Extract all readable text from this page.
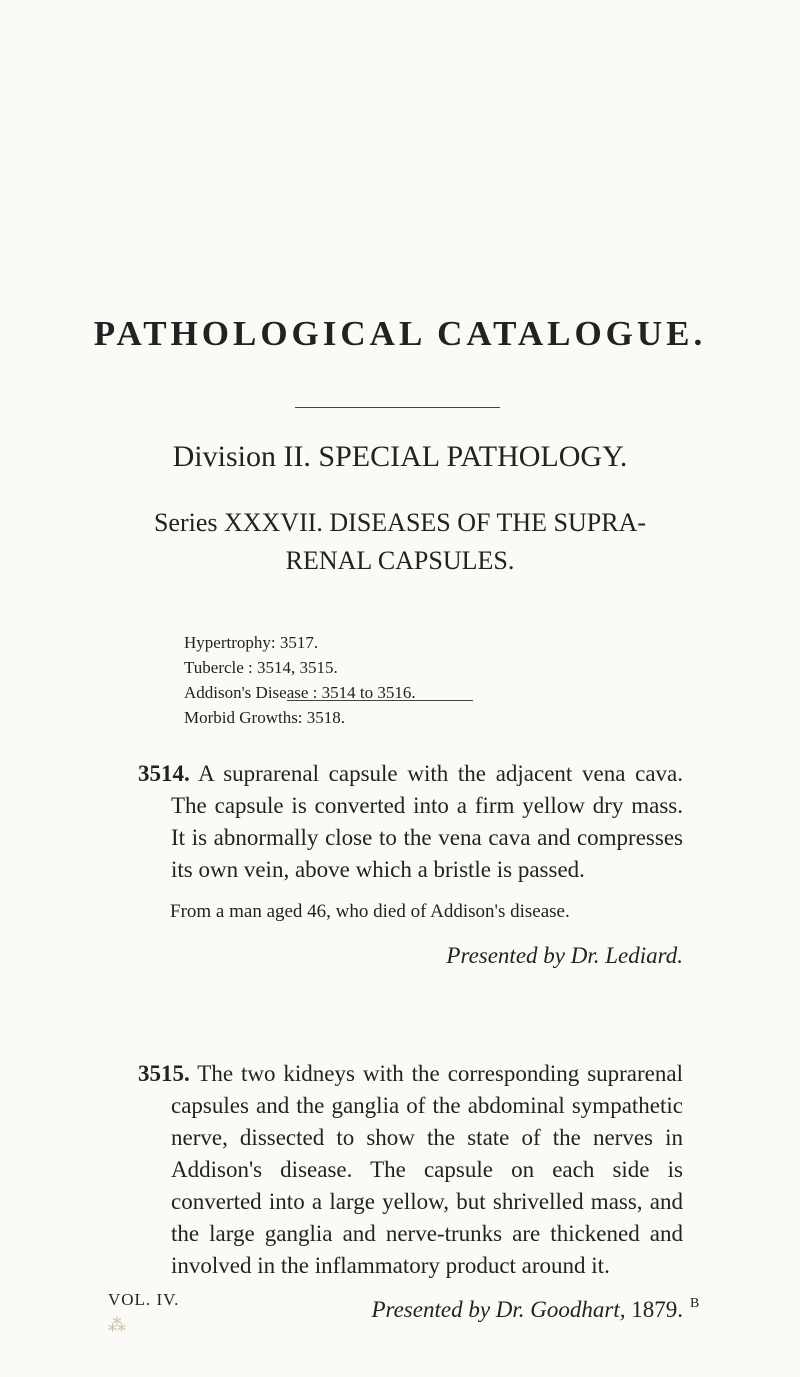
PATHOLOGICAL CATALOGUE.
Division II. SPECIAL PATHOLOGY.
Series XXXVII. DISEASES OF THE SUPRA-
RENAL CAPSULES.
Hypertrophy: 3517.
Tubercle : 3514, 3515.
Addison's Disease : 3514 to 3516.
Morbid Growths: 3518.

3514. A suprarenal capsule with the adjacent vena cava. The capsule is converted into a firm yellow dry mass. It is abnormally close to the vena cava and compresses its own vein, above which a bristle is passed.

From a man aged 46, who died of Addison's disease.

Presented by Dr. Lediard.

3515. The two kidneys with the corresponding suprarenal capsules and the ganglia of the abdominal sympathetic nerve, dissected to show the state of the nerves in Addison's disease. The capsule on each side is converted into a large yellow, but shrivelled mass, and the large ganglia and nerve-trunks are thickened and involved in the inflammatory product around it.

Presented by Dr. Goodhart, 1879.

VOL. IV.	B
⁂
